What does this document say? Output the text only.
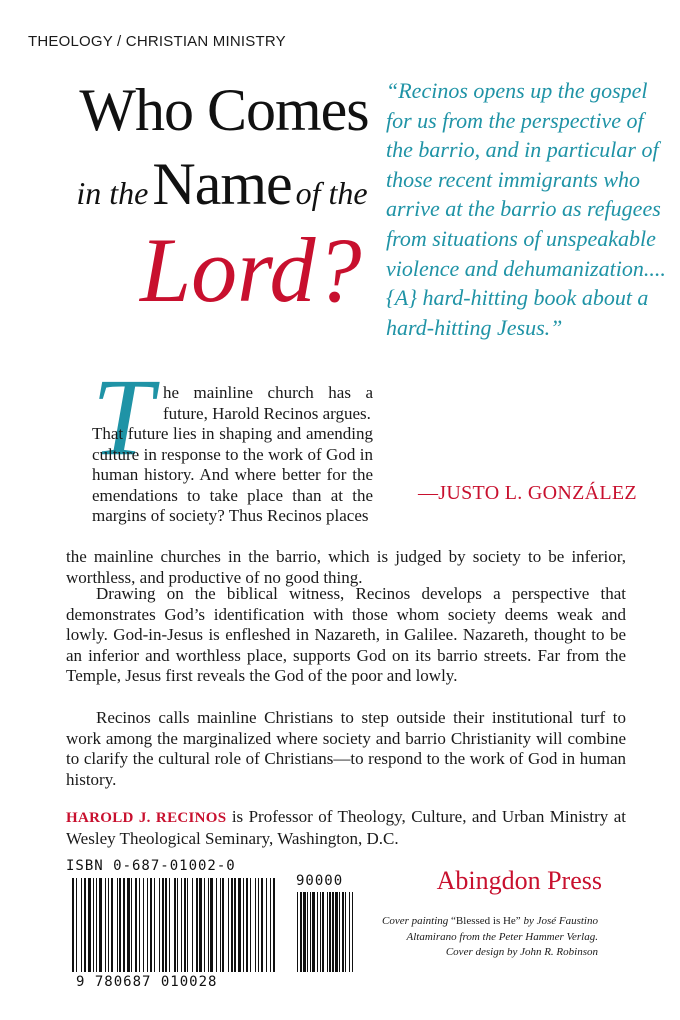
THEOLOGY / CHRISTIAN MINISTRY
Who Comes
in the Name of the
Lord?
“Recinos opens up the gospel for us from the perspective of the barrio, and in particular of those recent immigrants who arrive at the barrio as refugees from situations of unspeakable violence and dehumanization.... {A} hard-hitting book about a hard-hitting Jesus.”
—JUSTO L. GONZÁLEZ
T he mainline church has a future, Harold Recinos argues.
That future lies in shaping and amending culture in response to the work of God in human history. And where better for the emendations to take place than at the margins of society? Thus Recinos places
the mainline churches in the barrio, which is judged by society to be inferior, worthless, and productive of no good thing.
Drawing on the biblical witness, Recinos develops a perspective that demonstrates God’s identification with those whom society deems weak and lowly. God-in-Jesus is enfleshed in Nazareth, in Galilee. Nazareth, thought to be an inferior and worthless place, supports God on its barrio streets. Far from the Temple, Jesus first reveals the God of the poor and lowly.
Recinos calls mainline Christians to step outside their institutional turf to work among the marginalized where society and barrio Christianity will combine to clarify the cultural role of Christians—to respond to the work of God in human history.
HAROLD J. RECINOS is Professor of Theology, Culture, and Urban Ministry at Wesley Theological Seminary, Washington, D.C.
ISBN 0-687-01002-0
90000
9 780687 010028
Abingdon Press
Cover painting “Blessed is He” by José Faustino
Altamirano from the Peter Hammer Verlag.
Cover design by John R. Robinson
